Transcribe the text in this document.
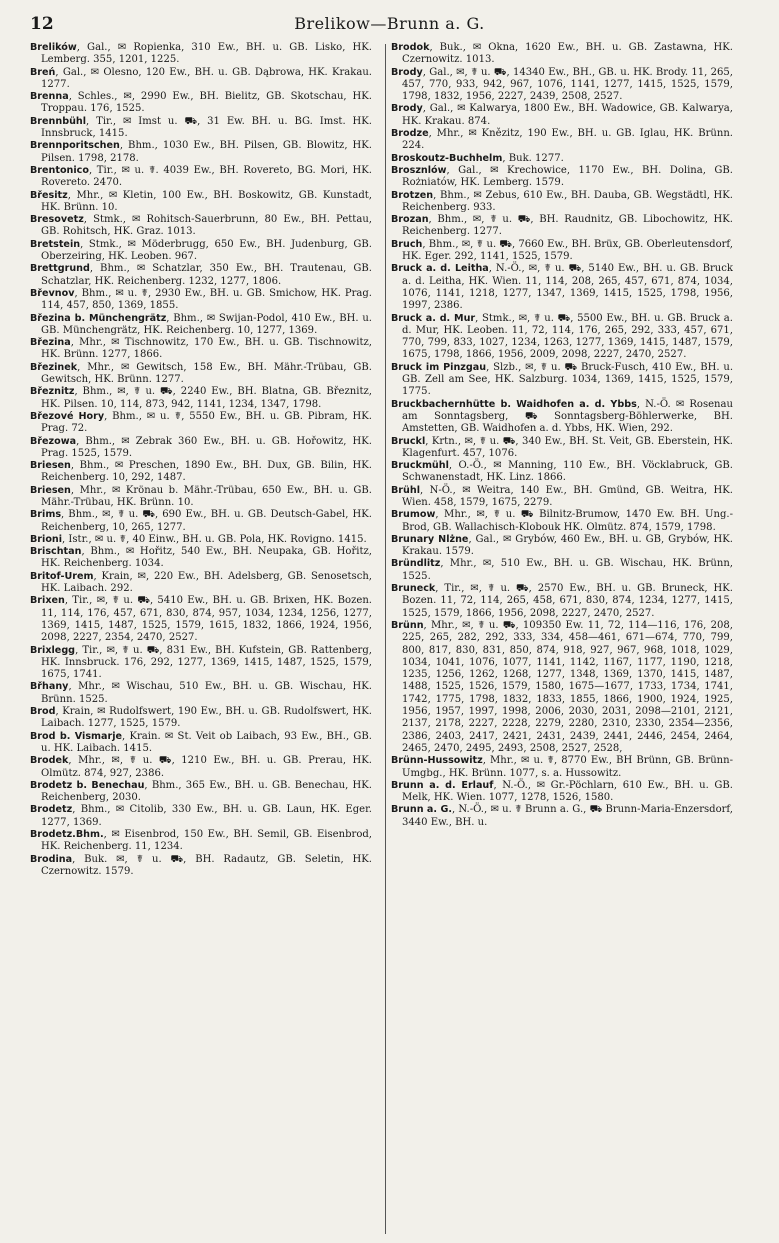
12	Brelikow—Brunn a. G.

Brelików, Gal., ✉ Ropienka, 310 Ew., BH. u. GB. Lisko, HK. Lemberg. 355, 1201, 1225.

Breń, Gal., ✉ Olesno, 120 Ew., BH. u. GB. Dąbrowa, HK. Krakau. 1277.

Brenna, Schles., ✉, 2990 Ew., BH. Bielitz, GB. Skotschau, HK. Troppau. 176, 1525.

Brennbühl, Tir., ✉ Imst u. ⛟, 31 Ew. BH. u. BG. Imst. HK. Innsbruck, 1415.

Brennporitschen, Bhm., 1030 Ew., BH. Pilsen, GB. Blowitz, HK. Pilsen. 1798, 2178.

Brentonico, Tir., ✉ u. ☤. 4039 Ew., BH. Rovereto, BG. Mori, HK. Rovereto. 2470.

Břesitz, Mhr., ✉ Kletin, 100 Ew., BH. Boskowitz, GB. Kunstadt, HK. Brünn. 10.

Bresovetz, Stmk., ✉ Rohitsch-Sauerbrunn, 80 Ew., BH. Pettau, GB. Rohitsch, HK. Graz. 1013.

Bretstein, Stmk., ✉ Möderbrugg, 650 Ew., BH. Judenburg, GB. Oberzeiring, HK. Leoben. 967.

Brettgrund, Bhm., ✉ Schatzlar, 350 Ew., BH. Trautenau, GB. Schatzlar, HK. Reichenberg. 1232, 1277, 1806.

Břevnov, Bhm., ✉ u. ☤, 2930 Ew., BH. u. GB. Smichow, HK. Prag. 114, 457, 850, 1369, 1855.

Březina b. Münchengrätz, Bhm., ✉ Swijan-Podol, 410 Ew., BH. u. GB. Münchengrätz, HK. Reichenberg. 10, 1277, 1369.

Březina, Mhr., ✉ Tischnowitz, 170 Ew., BH. u. GB. Tischnowitz, HK. Brünn. 1277, 1866.

Březinek, Mhr., ✉ Gewitsch, 158 Ew., BH. Mähr.-Trübau, GB. Gewitsch, HK. Brünn. 1277.

Březnitz, Bhm., ✉, ☤ u. ⛟, 2240 Ew., BH. Blatna, GB. Březnitz, HK. Pilsen. 10, 114, 873, 942, 1141, 1234, 1347, 1798.

Březové Hory, Bhm., ✉ u. ☤, 5550 Ew., BH. u. GB. Pibram, HK. Prag. 72.

Březowa, Bhm., ✉ Zebrak 360 Ew., BH. u. GB. Hořowitz, HK. Prag. 1525, 1579.

Briesen, Bhm., ✉ Preschen, 1890 Ew., BH. Dux, GB. Bilin, HK. Reichenberg. 10, 292, 1487.

Briesen, Mhr., ✉ Krönau b. Mähr.-Trübau, 650 Ew., BH. u. GB. Mähr.-Trübau, HK. Brünn. 10.

Brims, Bhm., ✉, ☤ u. ⛟, 690 Ew., BH. u. GB. Deutsch-Gabel, HK. Reichenberg, 10, 265, 1277.

Brioni, Istr., ✉ u. ☤, 40 Einw., BH. u. GB. Pola, HK. Rovigno. 1415.

Brischtan, Bhm., ✉ Hořitz, 540 Ew., BH. Neupaka, GB. Hořitz, HK. Reichenberg. 1034.

Britof-Urem, Krain, ✉, 220 Ew., BH. Adelsberg, GB. Senosetsch, HK. Laibach. 292.

Brixen, Tir., ✉, ☤ u. ⛟, 5410 Ew., BH. u. GB. Brixen, HK. Bozen. 11, 114, 176, 457, 671, 830, 874, 957, 1034, 1234, 1256, 1277, 1369, 1415, 1487, 1525, 1579, 1615, 1832, 1866, 1924, 1956, 2098, 2227, 2354, 2470, 2527.

Brixlegg, Tir., ✉, ☤ u. ⛟, 831 Ew., BH. Kufstein, GB. Rattenberg, HK. Innsbruck. 176, 292, 1277, 1369, 1415, 1487, 1525, 1579, 1675, 1741.

Břhany, Mhr., ✉ Wischau, 510 Ew., BH. u. GB. Wischau, HK. Brünn. 1525.

Brod, Krain, ✉ Rudolfswert, 190 Ew., BH. u. GB. Rudolfswert, HK. Laibach. 1277, 1525, 1579.

Brod b. Vismarje, Krain. ✉ St. Veit ob Laibach, 93 Ew., BH., GB. u. HK. Laibach. 1415.

Brodek, Mhr., ✉, ☤ u. ⛟, 1210 Ew., BH. u. GB. Prerau, HK. Olmütz. 874, 927, 2386.

Brodetz b. Benechau, Bhm., 365 Ew., BH. u. GB. Benechau, HK. Reichenberg, 2030.

Brodetz, Bhm., ✉ Citolib, 330 Ew., BH. u. GB. Laun, HK. Eger. 1277, 1369.

Brodetz.Bhm., ✉ Eisenbrod, 150 Ew., BH. Semil, GB. Eisenbrod, HK. Reichenberg. 11, 1234.

Brodina, Buk. ✉, ☤ u. ⛟, BH. Radautz, GB. Seletin, HK. Czernowitz. 1579.

Brodok, Buk., ✉ Okna, 1620 Ew., BH. u. GB. Zastawna, HK. Czernowitz. 1013.

Brody, Gal., ✉, ☤ u. ⛟, 14340 Ew., BH., GB. u. HK. Brody. 11, 265, 457, 770, 933, 942, 967, 1076, 1141, 1277, 1415, 1525, 1579, 1798, 1832, 1956, 2227, 2439, 2508, 2527.

Brody, Gal., ✉ Kalwarya, 1800 Ew., BH. Wadowice, GB. Kalwarya, HK. Krakau. 874.

Brodze, Mhr., ✉ Knězitz, 190 Ew., BH. u. GB. Iglau, HK. Brünn. 224.

Broskoutz-Buchhelm, Buk. 1277.

Brosznlów, Gal., ✉ Krechowice, 1170 Ew., BH. Dolina, GB. Rożniatów, HK. Lemberg. 1579.

Brotzen, Bhm., ✉ Zebus, 610 Ew., BH. Dauba, GB. Wegstädtl, HK. Reichenberg. 933.

Brozan, Bhm., ✉, ☤ u. ⛟, BH. Raudnitz, GB. Libochowitz, HK. Reichenberg. 1277.

Bruch, Bhm., ✉, ☤ u. ⛟, 7660 Ew., BH. Brüx, GB. Oberleutensdorf, HK. Eger. 292, 1141, 1525, 1579.

Bruck a. d. Leitha, N.-Ö., ✉, ☤ u. ⛟, 5140 Ew., BH. u. GB. Bruck a. d. Leitha, HK. Wien. 11, 114, 208, 265, 457, 671, 874, 1034, 1076, 1141, 1218, 1277, 1347, 1369, 1415, 1525, 1798, 1956, 1997, 2386.

Bruck a. d. Mur, Stmk., ✉, ☤ u. ⛟, 5500 Ew., BH. u. GB. Bruck a. d. Mur, HK. Leoben. 11, 72, 114, 176, 265, 292, 333, 457, 671, 770, 799, 833, 1027, 1234, 1263, 1277, 1369, 1415, 1487, 1579, 1675, 1798, 1866, 1956, 2009, 2098, 2227, 2470, 2527.

Bruck im Pinzgau, Slzb., ✉, ☤ u. ⛟ Bruck-Fusch, 410 Ew., BH. u. GB. Zell am See, HK. Salzburg. 1034, 1369, 1415, 1525, 1579, 1775.

Bruckbachernhütte b. Waidhofen a. d. Ybbs, N.-Ö. ✉ Rosenau am Sonntagsberg, ⛟ Sonntagsberg-Böhlerwerke, BH. Amstetten, GB. Waidhofen a. d. Ybbs, HK. Wien, 292.

Bruckl, Krtn., ✉, ☤ u. ⛟, 340 Ew., BH. St. Veit, GB. Eberstein, HK. Klagenfurt. 457, 1076.

Bruckmühl, O.-Ö., ✉ Manning, 110 Ew., BH. Vöcklabruck, GB. Schwanenstadt, HK. Linz. 1866.

Brühl, N-Ö., ✉ Weitra, 140 Ew., BH. Gmünd, GB. Weitra, HK. Wien. 458, 1579, 1675, 2279.

Brumow, Mhr., ✉, ☤ u. ⛟ Bilnitz-Brumow, 1470 Ew. BH. Ung.-Brod, GB. Wallachisch-Klobouk HK. Olmütz. 874, 1579, 1798.

Brunary Nlżne, Gal., ✉ Grybów, 460 Ew., BH. u. GB, Grybów, HK. Krakau. 1579.

Bründlitz, Mhr., ✉, 510 Ew., BH. u. GB. Wischau, HK. Brünn, 1525.

Bruneck, Tir., ✉, ☤ u. ⛟, 2570 Ew., BH. u. GB. Bruneck, HK. Bozen. 11, 72, 114, 265, 458, 671, 830, 874, 1234, 1277, 1415, 1525, 1579, 1866, 1956, 2098, 2227, 2470, 2527.

Brünn, Mhr., ✉, ☤ u. ⛟, 109350 Ew. 11, 72, 114—116, 176, 208, 225, 265, 282, 292, 333, 334, 458—461, 671—674, 770, 799, 800, 817, 830, 831, 850, 874, 918, 927, 967, 968, 1018, 1029, 1034, 1041, 1076, 1077, 1141, 1142, 1167, 1177, 1190, 1218, 1235, 1256, 1262, 1268, 1277, 1348, 1369, 1370, 1415, 1487, 1488, 1525, 1526, 1579, 1580, 1675—1677, 1733, 1734, 1741, 1742, 1775, 1798, 1832, 1833, 1855, 1866, 1900, 1924, 1925, 1956, 1957, 1997, 1998, 2006, 2030, 2031, 2098—2101, 2121, 2137, 2178, 2227, 2228, 2279, 2280, 2310, 2330, 2354—2356, 2386, 2403, 2417, 2421, 2431, 2439, 2441, 2446, 2454, 2464, 2465, 2470, 2495, 2493, 2508, 2527, 2528,

Brünn-Hussowitz, Mhr., ✉ u. ☤, 8770 Ew., BH Brünn, GB. Brünn-Umgbg., HK. Brünn. 1077, s. a. Hussowitz.

Brunn a. d. Erlauf, N.-Ö., ✉ Gr.-Pöchlarn, 610 Ew., BH. u. GB. Melk, HK. Wien. 1077, 1278, 1526, 1580.

Brunn a. G., N.-Ö., ✉ u. ☤ Brunn a. G., ⛟ Brunn-Maria-Enzersdorf, 3440 Ew., BH. u.
